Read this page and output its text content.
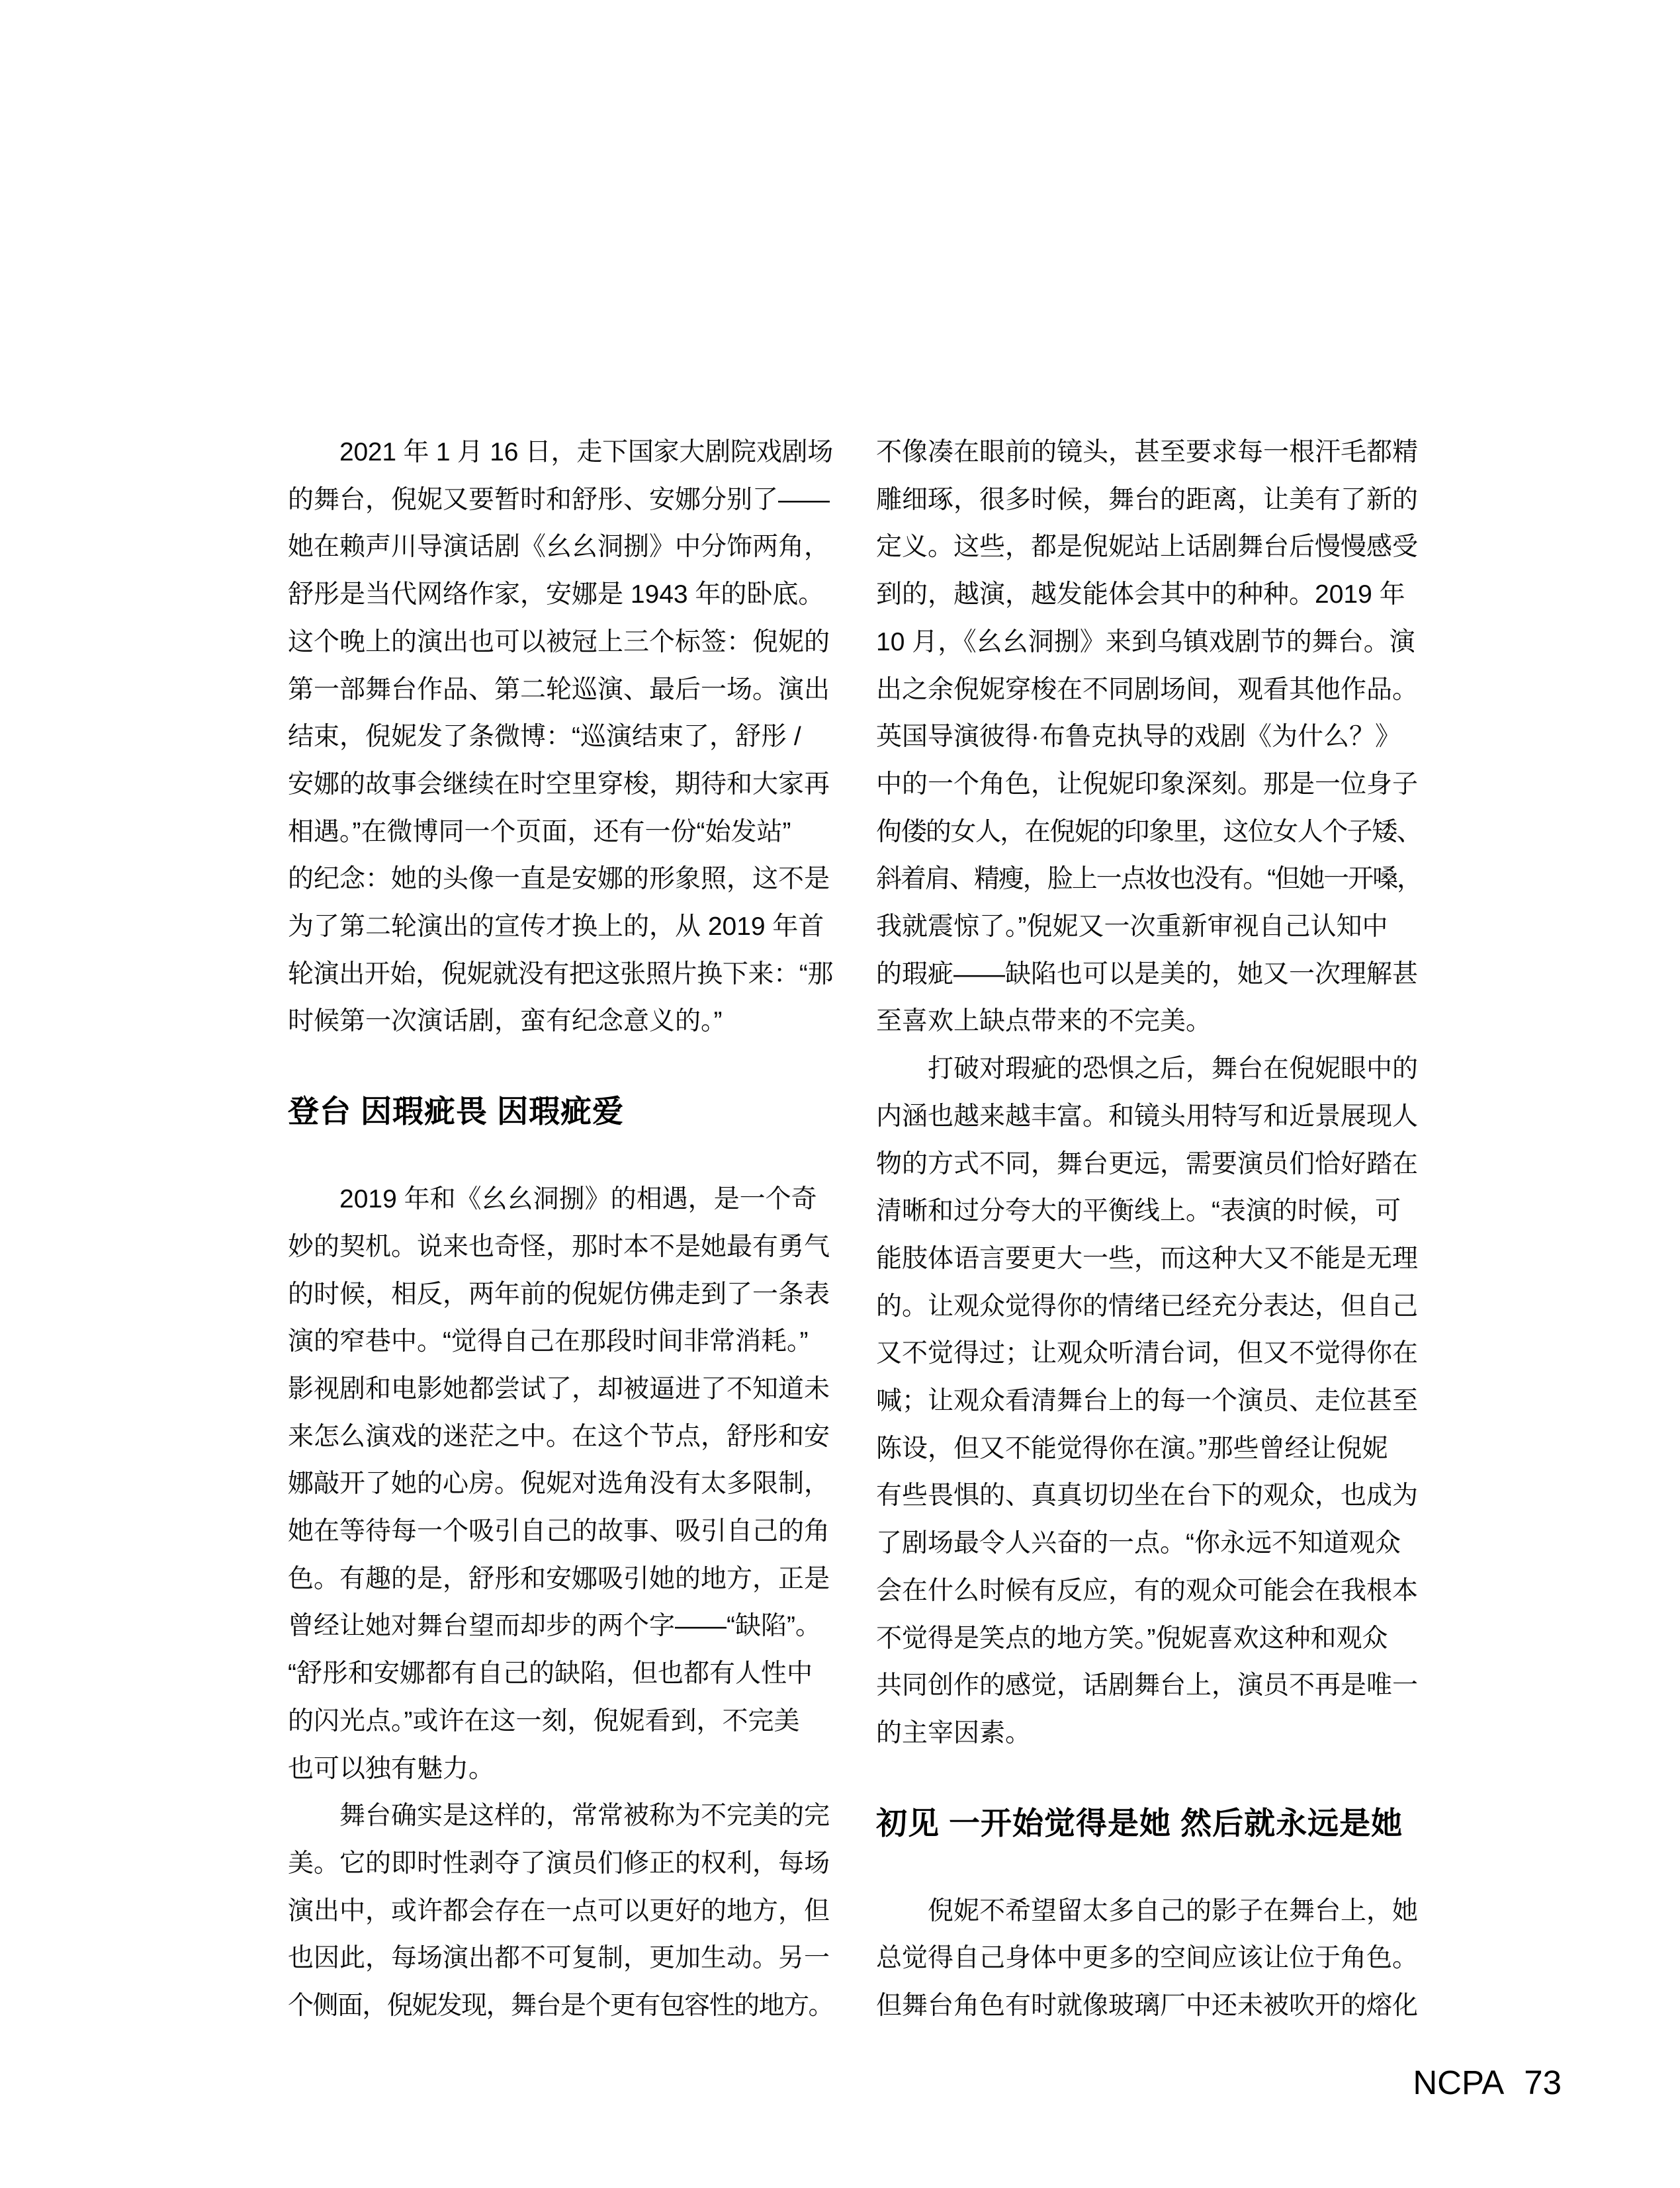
2021 年 1 月 16 日，走下国家大剧院戏剧场
的舞台，倪妮又要暂时和舒彤、安娜分别了——
她在赖声川导演话剧《幺幺洞捌》中分饰两角，
舒彤是当代网络作家，安娜是 1943 年的卧底。
这个晚上的演出也可以被冠上三个标签：倪妮的
第一部舞台作品、第二轮巡演、最后一场。演出
结束，倪妮发了条微博：“巡演结束了，舒彤 /
安娜的故事会继续在时空里穿梭，期待和大家再
相遇。”在微博同一个页面，还有一份“始发站”
的纪念：她的头像一直是安娜的形象照，这不是
为了第二轮演出的宣传才换上的，从 2019 年首
轮演出开始，倪妮就没有把这张照片换下来：“那
时候第一次演话剧，蛮有纪念意义的。”
登台 因瑕疵畏 因瑕疵爱
2019 年和《幺幺洞捌》的相遇，是一个奇
妙的契机。说来也奇怪，那时本不是她最有勇气
的时候，相反，两年前的倪妮仿佛走到了一条表
演的窄巷中。“觉得自己在那段时间非常消耗。”
影视剧和电影她都尝试了，却被逼进了不知道未
来怎么演戏的迷茫之中。在这个节点，舒彤和安
娜敲开了她的心房。倪妮对选角没有太多限制，
她在等待每一个吸引自己的故事、吸引自己的角
色。有趣的是，舒彤和安娜吸引她的地方，正是
曾经让她对舞台望而却步的两个字——“缺陷”。
“舒彤和安娜都有自己的缺陷，但也都有人性中
的闪光点。”或许在这一刻，倪妮看到，不完美
也可以独有魅力。
舞台确实是这样的，常常被称为不完美的完
美。它的即时性剥夺了演员们修正的权利，每场
演出中，或许都会存在一点可以更好的地方，但
也因此，每场演出都不可复制，更加生动。另一
个侧面，倪妮发现，舞台是个更有包容性的地方。
不像凑在眼前的镜头，甚至要求每一根汗毛都精
雕细琢，很多时候，舞台的距离，让美有了新的
定义。这些，都是倪妮站上话剧舞台后慢慢感受
到的，越演，越发能体会其中的种种。2019 年
10 月，《幺幺洞捌》来到乌镇戏剧节的舞台。演
出之余倪妮穿梭在不同剧场间，观看其他作品。
英国导演彼得·布鲁克执导的戏剧《为什么？》
中的一个角色，让倪妮印象深刻。那是一位身子
佝偻的女人，在倪妮的印象里，这位女人个子矮、
斜着肩、精瘦，脸上一点妆也没有。“但她一开嗓，
我就震惊了。”倪妮又一次重新审视自己认知中
的瑕疵——缺陷也可以是美的，她又一次理解甚
至喜欢上缺点带来的不完美。
打破对瑕疵的恐惧之后，舞台在倪妮眼中的
内涵也越来越丰富。和镜头用特写和近景展现人
物的方式不同，舞台更远，需要演员们恰好踏在
清晰和过分夸大的平衡线上。“表演的时候，可
能肢体语言要更大一些，而这种大又不能是无理
的。让观众觉得你的情绪已经充分表达，但自己
又不觉得过；让观众听清台词，但又不觉得你在
喊；让观众看清舞台上的每一个演员、走位甚至
陈设，但又不能觉得你在演。”那些曾经让倪妮
有些畏惧的、真真切切坐在台下的观众，也成为
了剧场最令人兴奋的一点。“你永远不知道观众
会在什么时候有反应，有的观众可能会在我根本
不觉得是笑点的地方笑。”倪妮喜欢这种和观众
共同创作的感觉，话剧舞台上，演员不再是唯一
的主宰因素。
初见 一开始觉得是她 然后就永远是她
倪妮不希望留太多自己的影子在舞台上，她
总觉得自己身体中更多的空间应该让位于角色。
但舞台角色有时就像玻璃厂中还未被吹开的熔化
NCPA 73
